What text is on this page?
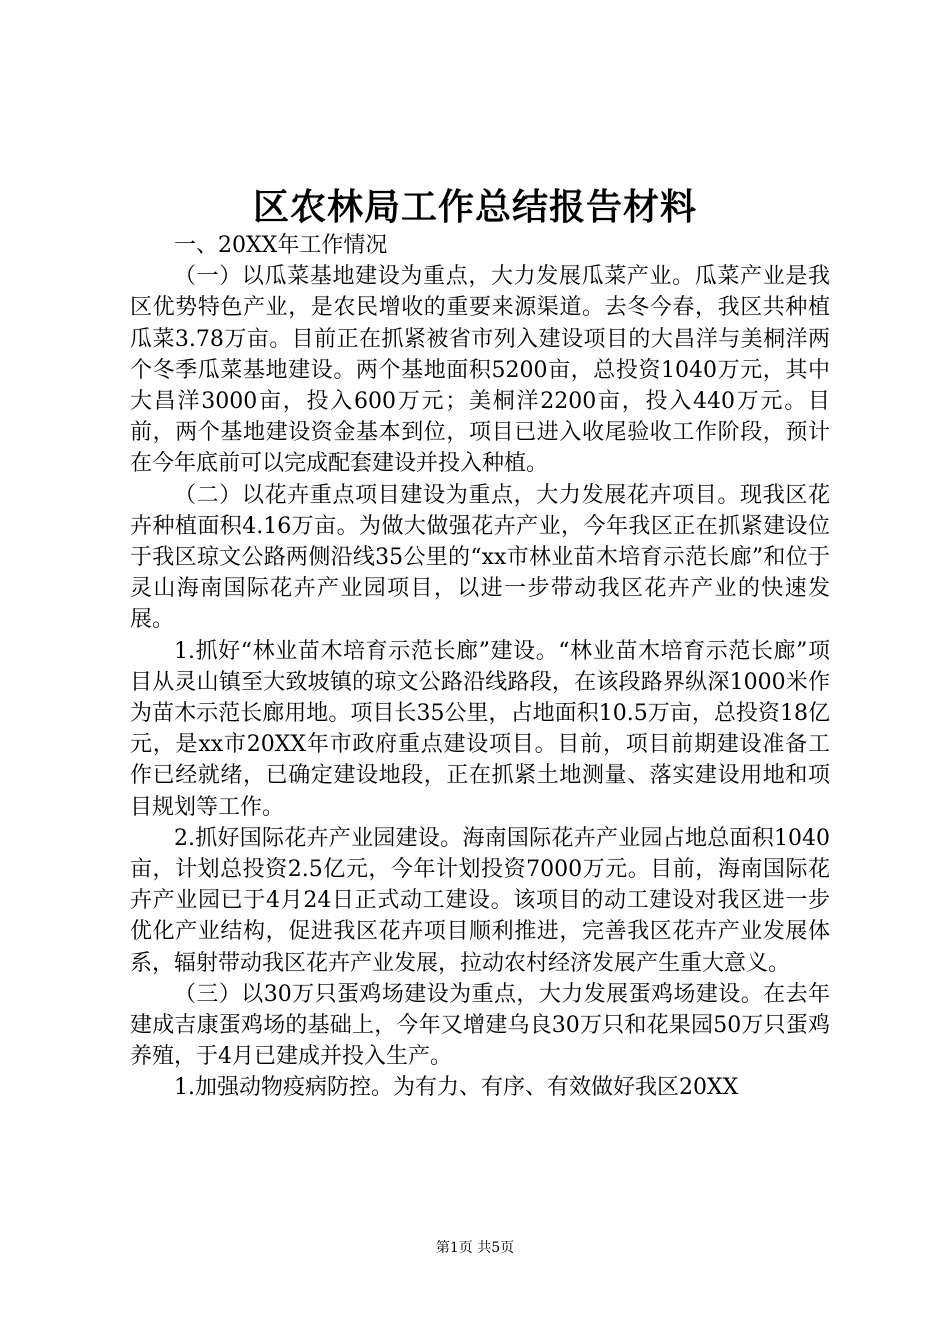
区农林局工作总结报告材料

一、20XX年工作情况

（一）以瓜菜基地建设为重点，大力发展瓜菜产业。瓜菜产业是我区优势特色产业，是农民增收的重要来源渠道。去冬今春，我区共种植瓜菜3.78万亩。目前正在抓紧被省市列入建设项目的大昌洋与美桐洋两个冬季瓜菜基地建设。两个基地面积5200亩，总投资1040万元，其中大昌洋3000亩，投入600万元；美桐洋2200亩，投入440万元。目前，两个基地建设资金基本到位，项目已进入收尾验收工作阶段，预计在今年底前可以完成配套建设并投入种植。

（二）以花卉重点项目建设为重点，大力发展花卉项目。现我区花卉种植面积4.16万亩。为做大做强花卉产业，今年我区正在抓紧建设位于我区琼文公路两侧沿线35公里的“xx市林业苗木培育示范长廊”和位于灵山海南国际花卉产业园项目，以进一步带动我区花卉产业的快速发展。

1.抓好“林业苗木培育示范长廊”建设。“林业苗木培育示范长廊”项目从灵山镇至大致坡镇的琼文公路沿线路段，在该段路界纵深1000米作为苗木示范长廊用地。项目长35公里，占地面积10.5万亩，总投资18亿元，是xx市20XX年市政府重点建设项目。目前，项目前期建设准备工作已经就绪，已确定建设地段，正在抓紧土地测量、落实建设用地和项目规划等工作。

2.抓好国际花卉产业园建设。海南国际花卉产业园占地总面积1040亩，计划总投资2.5亿元，今年计划投资7000万元。目前，海南国际花卉产业园已于4月24日正式动工建设。该项目的动工建设对我区进一步优化产业结构，促进我区花卉项目顺利推进，完善我区花卉产业发展体系，辐射带动我区花卉产业发展，拉动农村经济发展产生重大意义。

（三）以30万只蛋鸡场建设为重点，大力发展蛋鸡场建设。在去年建成吉康蛋鸡场的基础上，今年又增建乌良30万只和花果园50万只蛋鸡养殖，于4月已建成并投入生产。

1.加强动物疫病防控。为有力、有序、有效做好我区20XX

第1页 共5页
